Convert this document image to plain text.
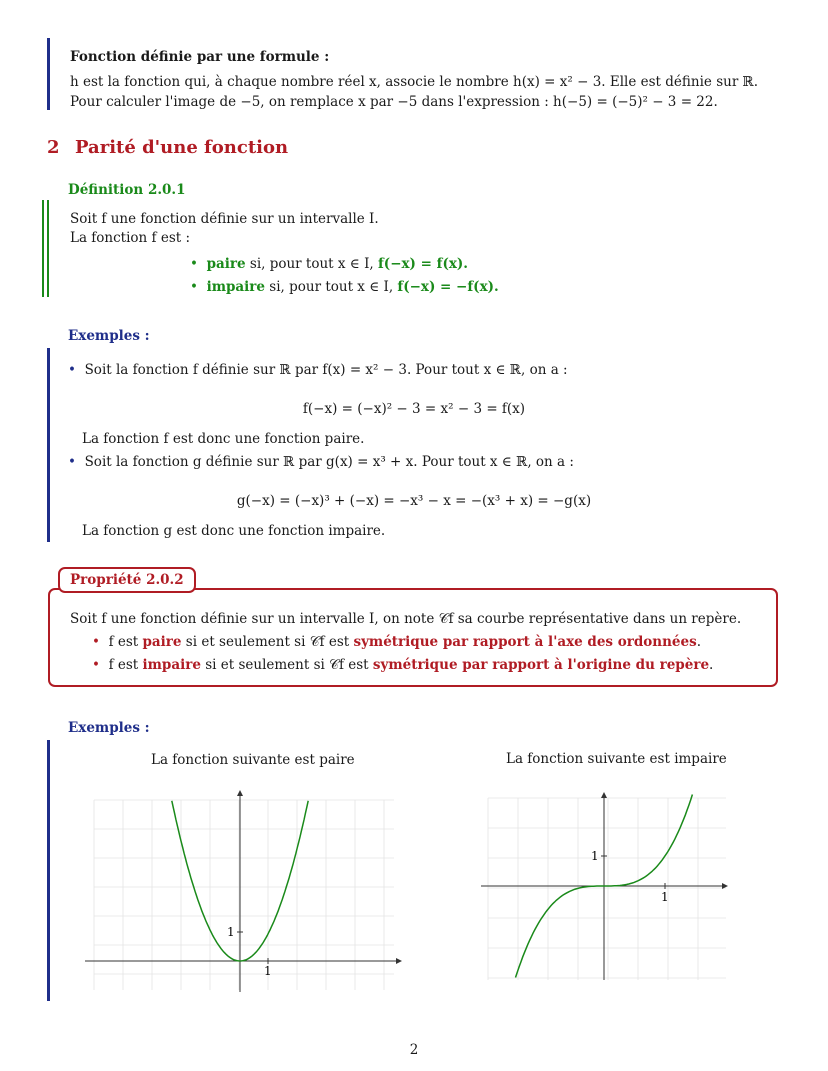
Fonction définie par une formule :
h est la fonction qui, à chaque nombre réel x, associe le nombre h(x) = x² − 3. Elle est définie sur ℝ.
Pour calculer l'image de −5, on remplace x par −5 dans l'expression : h(−5) = (−5)² − 3 = 22.
2 Parité d'une fonction
Définition 2.0.1
Soit f une fonction définie sur un intervalle I.
La fonction f est :
• paire si, pour tout x ∈ I, f(−x) = f(x).
• impaire si, pour tout x ∈ I, f(−x) = −f(x).
Exemples :
• Soit la fonction f définie sur ℝ par f(x) = x² − 3. Pour tout x ∈ ℝ, on a :
f(−x) = (−x)² − 3 = x² − 3 = f(x)
La fonction f est donc une fonction paire.
• Soit la fonction g définie sur ℝ par g(x) = x³ + x. Pour tout x ∈ ℝ, on a :
g(−x) = (−x)³ + (−x) = −x³ − x = −(x³ + x) = −g(x)
La fonction g est donc une fonction impaire.
Propriété 2.0.2
Soit f une fonction définie sur un intervalle I, on note 𝒞f sa courbe représentative dans un repère.
• f est paire si et seulement si 𝒞f est symétrique par rapport à l'axe des ordonnées.
• f est impaire si et seulement si 𝒞f est symétrique par rapport à l'origine du repère.
Exemples :
La fonction suivante est paire	La fonction suivante est impaire
1
1
1
1
2
